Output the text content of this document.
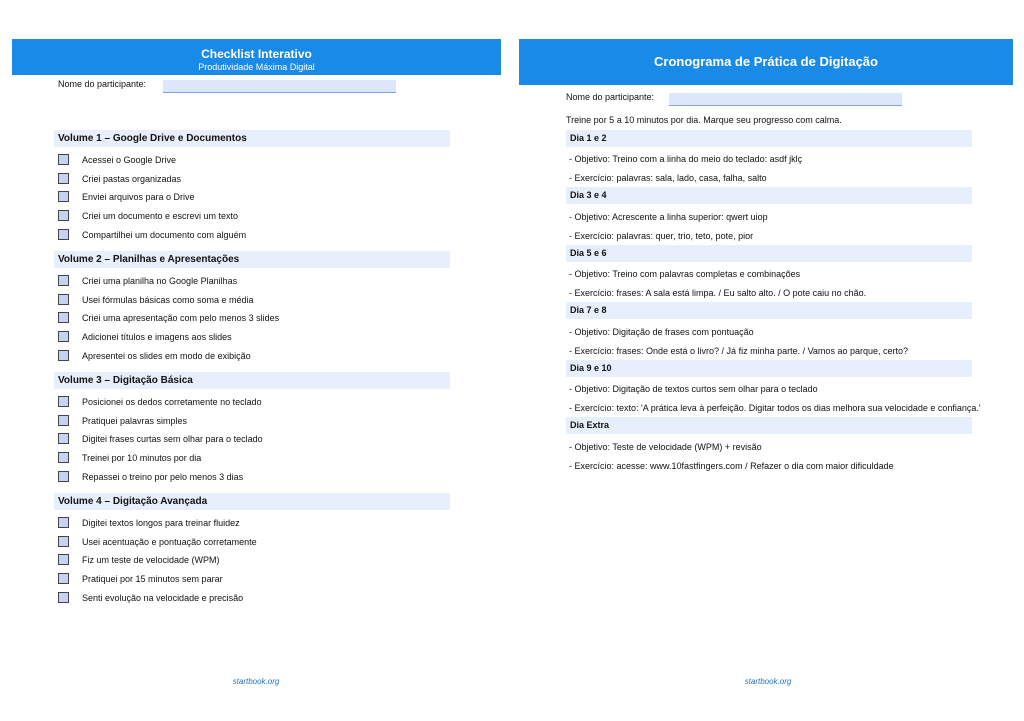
Checklist Interativo
Produtividade Máxima Digital
Nome do participante:
Volume 1 – Google Drive e Documentos
Acessei o Google Drive
Criei pastas organizadas
Enviei arquivos para o Drive
Criei um documento e escrevi um texto
Compartilhei um documento com alguém
Volume 2 – Planilhas e Apresentações
Criei uma planilha no Google Planilhas
Usei fórmulas básicas como soma e média
Criei uma apresentação com pelo menos 3 slides
Adicionei títulos e imagens aos slides
Apresentei os slides em modo de exibição
Volume 3 – Digitação Básica
Posicionei os dedos corretamente no teclado
Pratiquei palavras simples
Digitei frases curtas sem olhar para o teclado
Treinei por 10 minutos por dia
Repassei o treino por pelo menos 3 dias
Volume 4 – Digitação Avançada
Digitei textos longos para treinar fluidez
Usei acentuação e pontuação corretamente
Fiz um teste de velocidade (WPM)
Pratiquei por 15 minutos sem parar
Senti evolução na velocidade e precisão
startbook.org
Cronograma de Prática de Digitação
Nome do participante:
Treine por 5 a 10 minutos por dia. Marque seu progresso com calma.
Dia 1 e 2
- Objetivo: Treino com a linha do meio do teclado: asdf jklç
- Exercício: palavras: sala, lado, casa, falha, salto
Dia 3 e 4
- Objetivo: Acrescente a linha superior: qwert uiop
- Exercício: palavras: quer, trio, teto, pote, pior
Dia 5 e 6
- Objetivo: Treino com palavras completas e combinações
- Exercício: frases: A sala está limpa. / Eu salto alto. / O pote caiu no chão.
Dia 7 e 8
- Objetivo: Digitação de frases com pontuação
- Exercício: frases: Onde está o livro? / Já fiz minha parte. / Vamos ao parque, certo?
Dia 9 e 10
- Objetivo: Digitação de textos curtos sem olhar para o teclado
- Exercício: texto: 'A prática leva à perfeição. Digitar todos os dias melhora sua velocidade e confiança.'
Dia Extra
- Objetivo: Teste de velocidade (WPM) + revisão
- Exercício: acesse: www.10fastfingers.com / Refazer o dia com maior dificuldade
startbook.org
